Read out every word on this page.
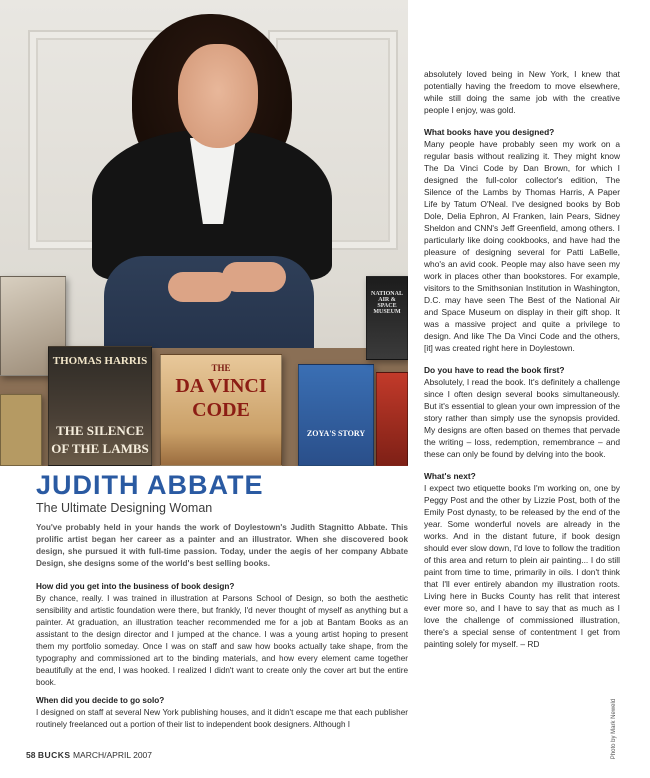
THOMAS HARRIS
THE SILENCE
OF THE LAMBS
THE
DA VINCI
CODE
ZOYA'S STORY
NATIONAL AIR & SPACE MUSEUM

absolutely loved being in New York, I knew that potentially having the freedom to move elsewhere, while still doing the same job with the creative people I enjoy, was gold.

What books have you designed?

Many people have probably seen my work on a regular basis without realizing it. They might know The Da Vinci Code by Dan Brown, for which I designed the full-color collector's edition, The Silence of the Lambs by Thomas Harris, A Paper Life by Tatum O'Neal. I've designed books by Bob Dole, Delia Ephron, Al Franken, Iain Pears, Sidney Sheldon and CNN's Jeff Greenfield, among others. I particularly like doing cookbooks, and have had the pleasure of designing several for Patti LaBelle, who's an avid cook. People may also have seen my work in places other than bookstores. For example, visitors to the Smithsonian Institution in Washington, D.C. may have seen The Best of the National Air and Space Museum on display in their gift shop. It was a massive project and quite a privilege to design. And like The Da Vinci Code and the others, [it] was created right here in Doylestown.

Do you have to read the book first?

Absolutely, I read the book. It's definitely a challenge since I often design several books simultaneously. But it's essential to glean your own impression of the story rather than simply use the synopsis provided. My designs are often based on themes that pervade the writing – loss, redemption, remembrance – and these can only be found by delving into the book.

What's next?

I expect two etiquette books I'm working on, one by Peggy Post and the other by Lizzie Post, both of the Emily Post dynasty, to be released by the end of the year. Some wonderful novels are already in the works. And in the distant future, if book design should ever slow down, I'd love to follow the tradition of this area and return to plein air painting... I do still paint from time to time, primarily in oils. I don't think that I'll ever entirely abandon my illustration roots. Living here in Bucks County has relit that interest ever more so, and I have to say that as much as I love the challenge of commissioned illustration, there's a special sense of contentment I get from painting solely for myself. – RD

JUDITH ABBATE
The Ultimate Designing Woman
You've probably held in your hands the work of Doylestown's Judith Stagnitto Abbate. This prolific artist began her career as a painter and an illustrator. When she discovered book design, she pursued it with full-time passion. Today, under the aegis of her company Abbate Design, she designs some of the world's best selling books.
How did you get into the business of book design?

By chance, really. I was trained in illustration at Parsons School of Design, so both the aesthetic sensibility and artistic foundation were there, but frankly, I'd never thought of myself as anything but a painter. At graduation, an illustration teacher recommended me for a job at Bantam Books as an assistant to the design director and I jumped at the chance. I was a young artist hoping to present them my portfolio someday. Once I was on staff and saw how books actually take shape, from the typography and commissioned art to the binding materials, and how every element came together beautifully at the end, I was hooked. I realized I didn't want to create only the cover art but the entire book.

When did you decide to go solo?

I designed on staff at several New York publishing houses, and it didn't escape me that each publisher routinely freelanced out a portion of their list to independent book designers. Although I

58 BUCKS MARCH/APRIL 2007	Photo by Mark Neweld
